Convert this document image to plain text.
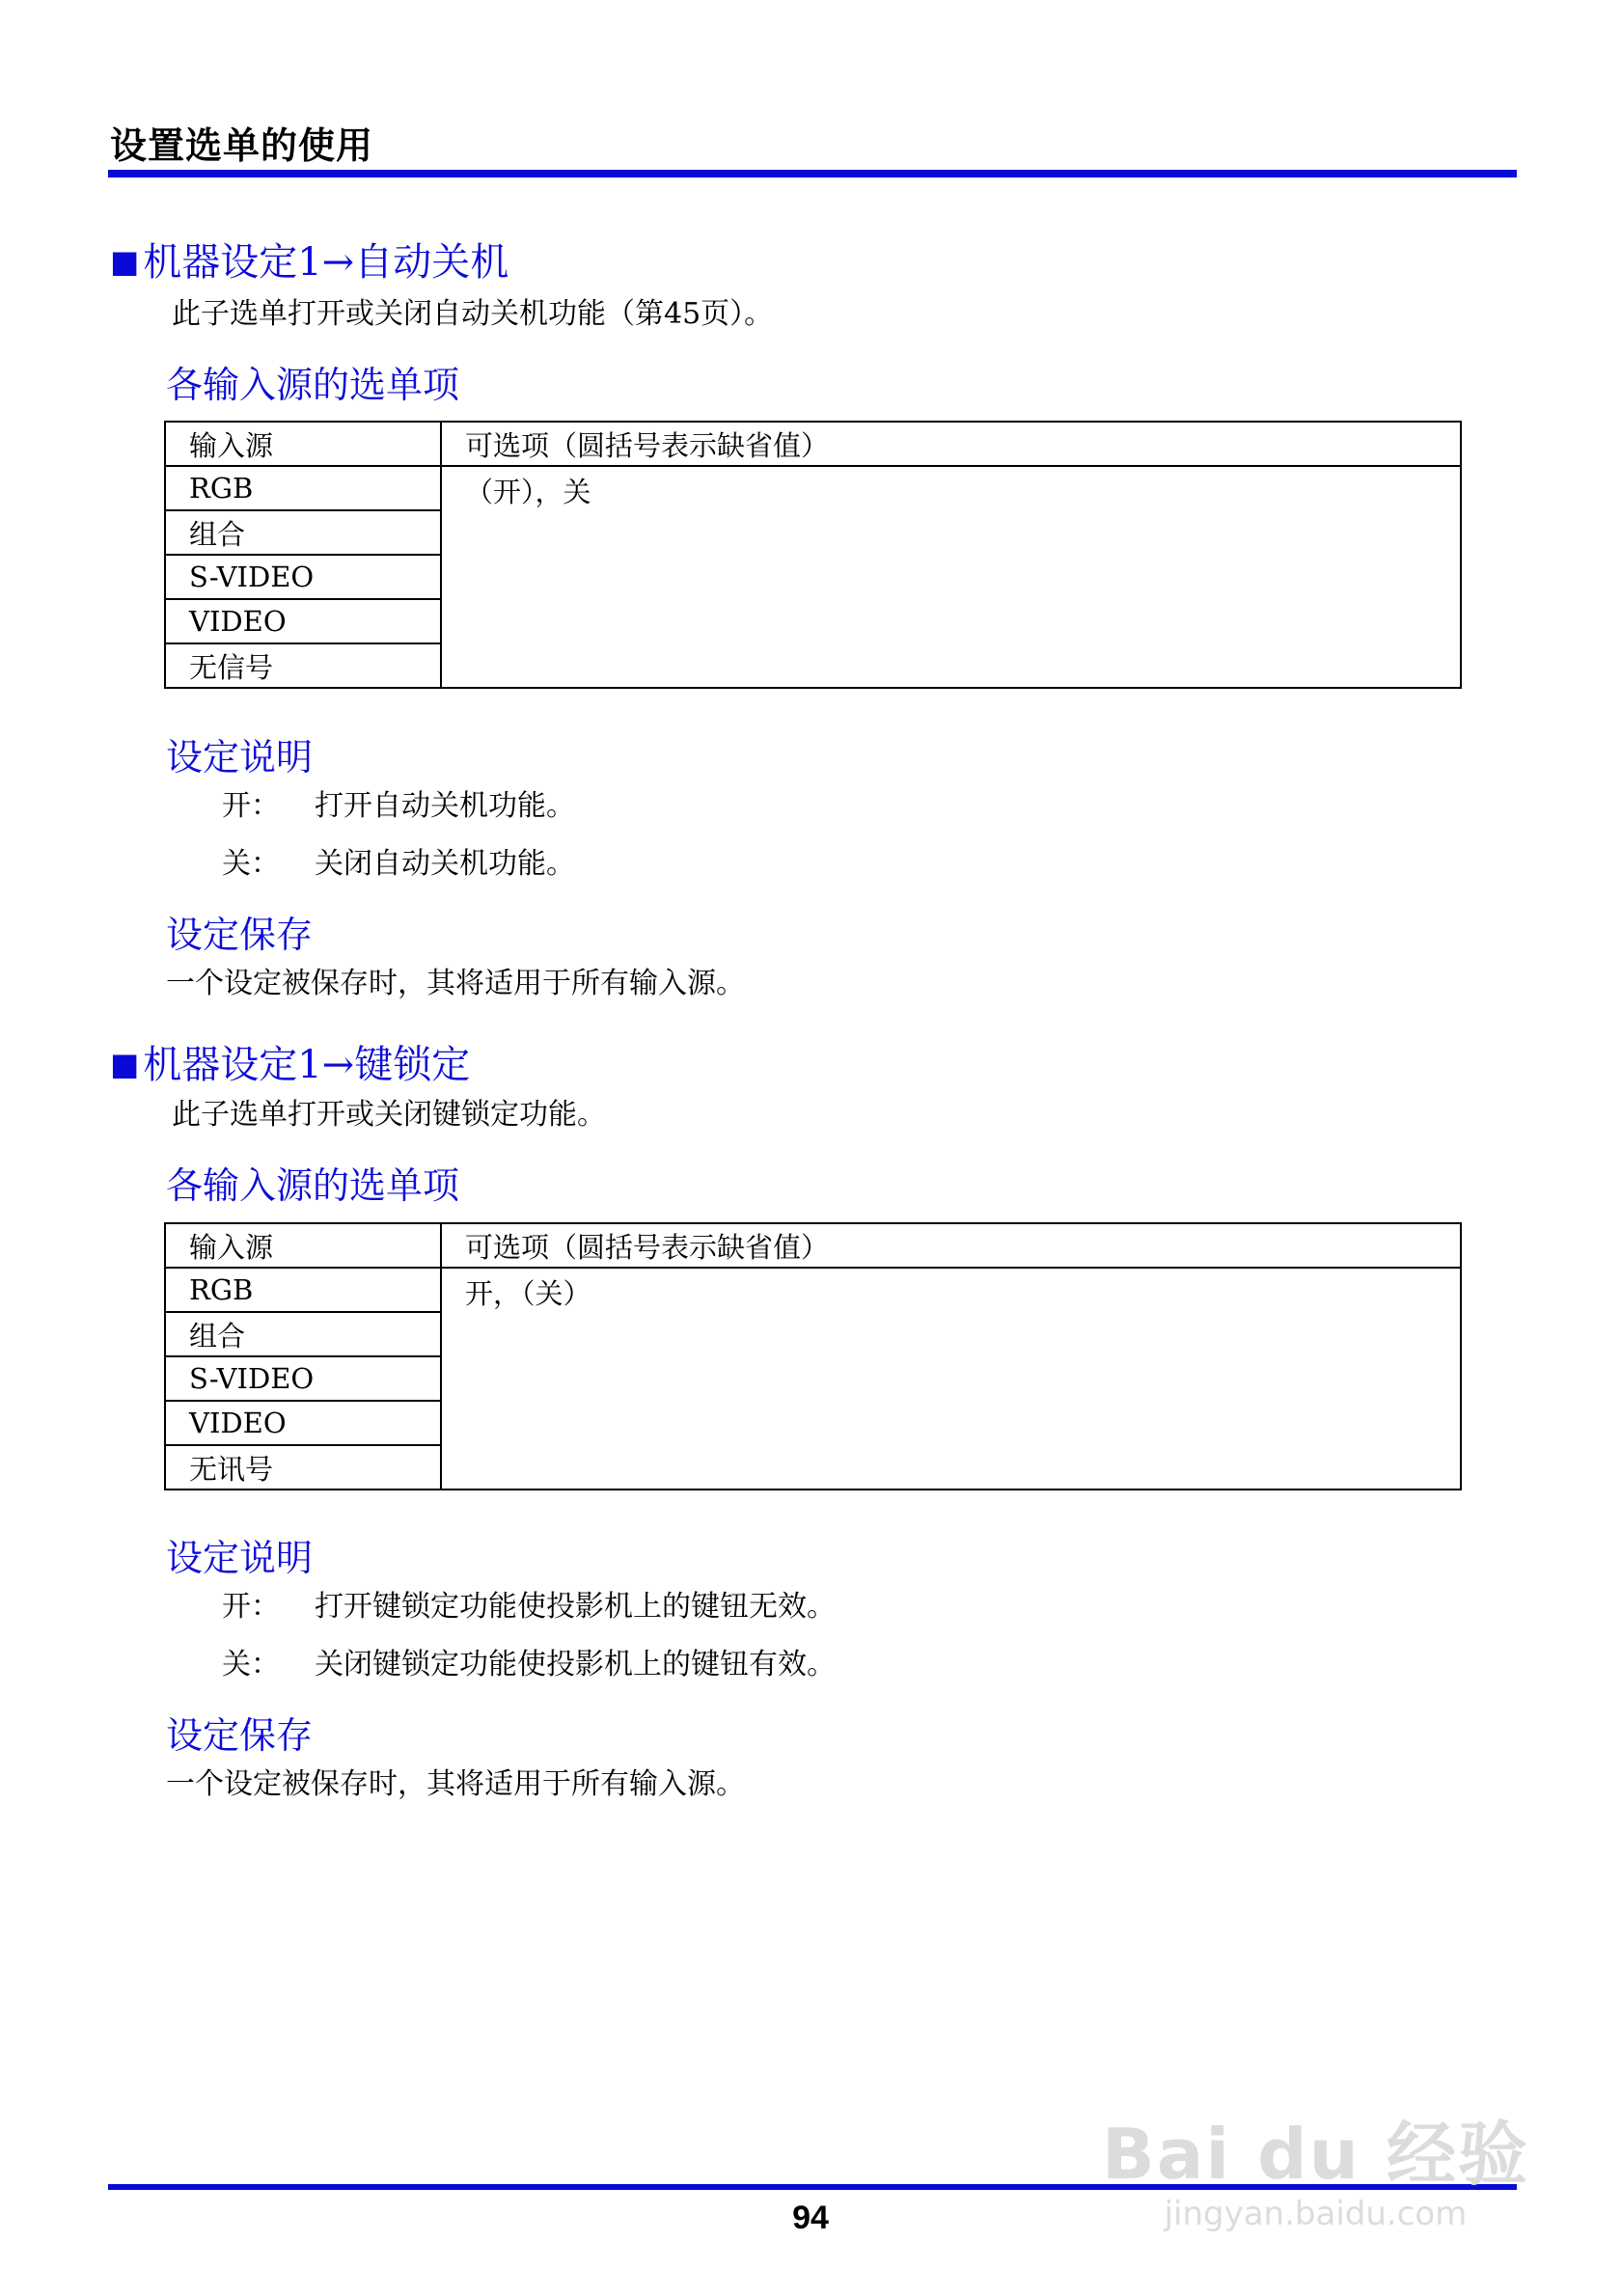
设置选单的使用
■ 机器设定1→自动关机
此子选单打开或关闭自动关机功能（第45页）。
各输入源的选单项
输入源	可选项（圆括号表示缺省值）
RGB	（开），关
组合	
S-VIDEO	
VIDEO	
无信号	
设定说明
开： 打开自动关机功能。
关： 关闭自动关机功能。
设定保存
一个设定被保存时，其将适用于所有输入源。
■ 机器设定1→键锁定
此子选单打开或关闭键锁定功能。
各输入源的选单项
输入源	可选项（圆括号表示缺省值）
RGB	开，（关）
组合	
S-VIDEO	
VIDEO	
无讯号	
设定说明
开： 打开键锁定功能使投影机上的键钮无效。
关： 关闭键锁定功能使投影机上的键钮有效。
设定保存
一个设定被保存时，其将适用于所有输入源。
94
Bai du 经验
jingyan.baidu.com
